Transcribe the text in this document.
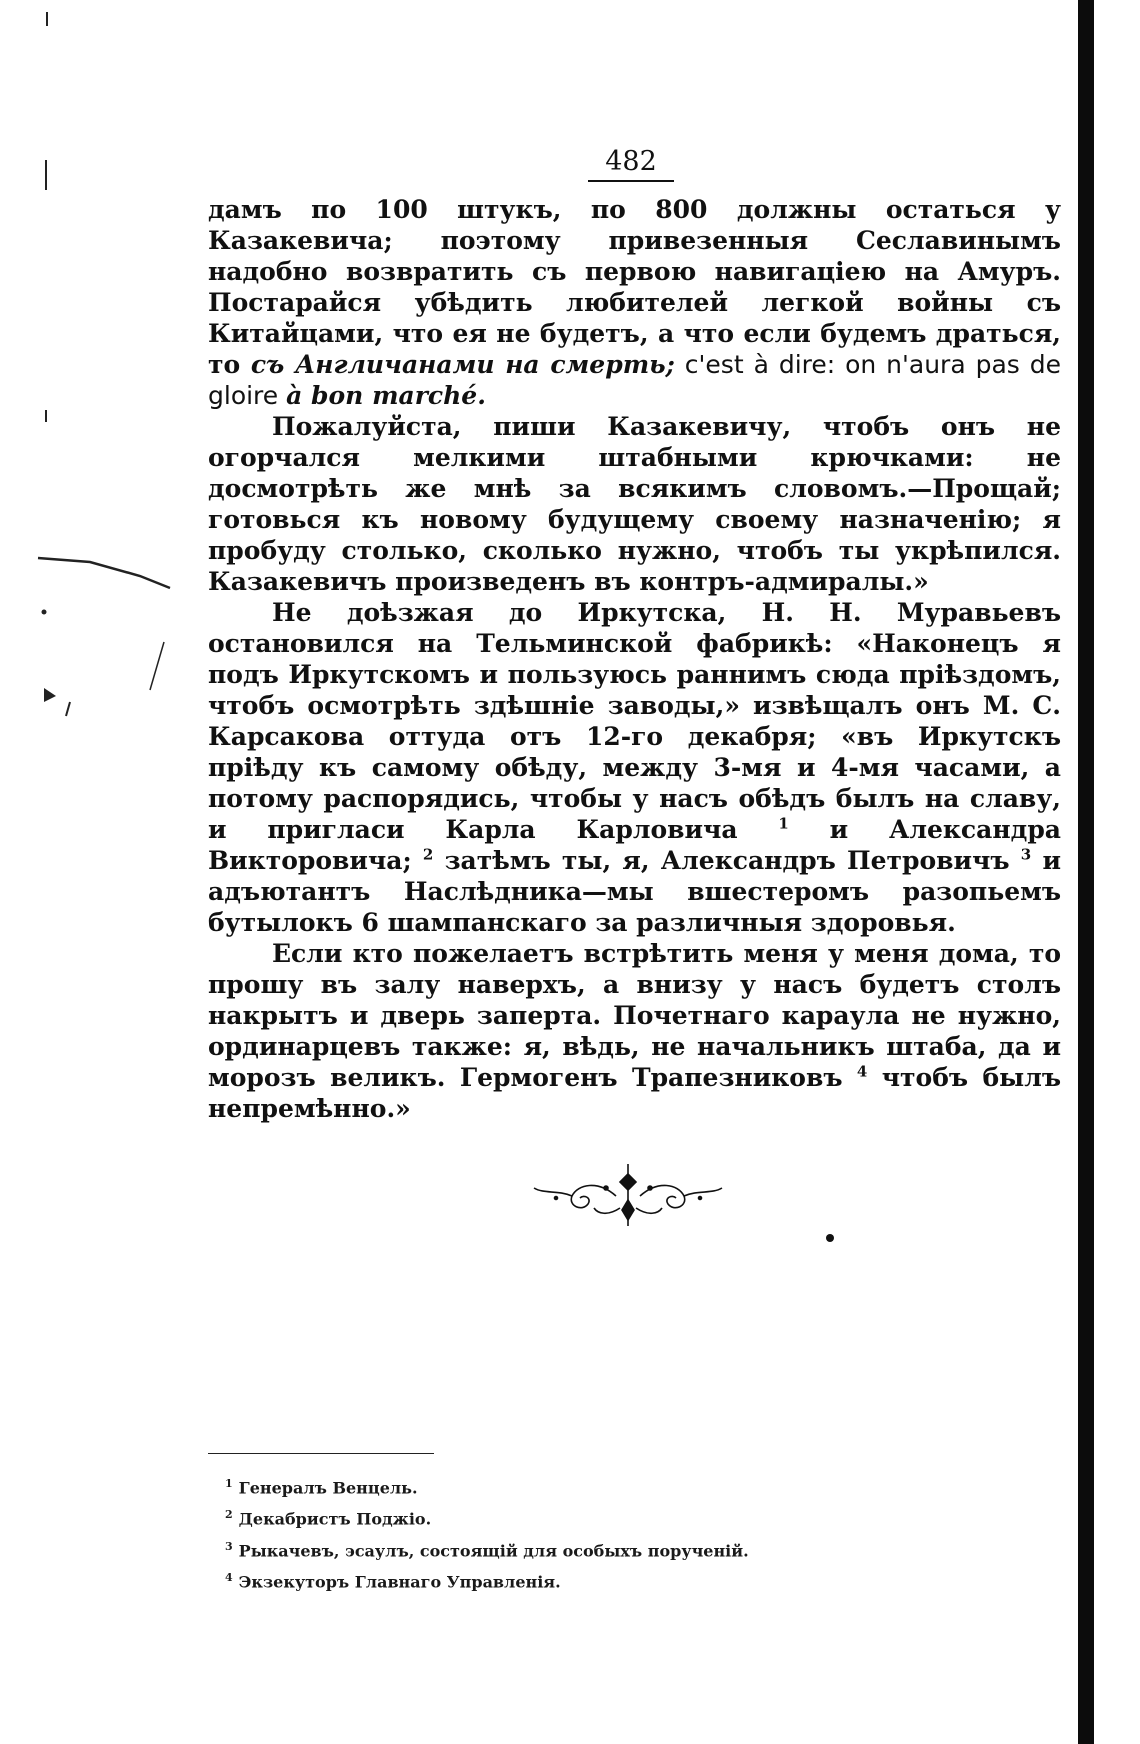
482

дамъ по 100 штукъ, по 800 должны остаться у Казакевича; поэтому привезенныя Сеславинымъ надобно возвратить съ первою навигацiею на Амуръ. Постарайся убѣдить любителей легкой войны съ Китайцами, что ея не будетъ, а что если будемъ драться, то съ Англичанами на смерть; c'est à dire: on n'aura pas de gloire à bon marché.

Пожалуйста, пиши Казакевичу, чтобъ онъ не огорчался мелкими штабными крючками: не досмотрѣть же мнѣ за всякимъ словомъ.—Прощай; готовься къ новому будущему своему назначенiю; я пробуду столько, сколько нужно, чтобъ ты укрѣпился. Казакевичъ произведенъ въ контръ-адмиралы.»

Не доѣзжая до Иркутска, Н. Н. Муравьевъ остановился на Тельминской фабрикѣ: «Наконецъ я подъ Иркутскомъ и пользуюсь раннимъ сюда прiѣздомъ, чтобъ осмотрѣть здѣшнiе заводы,» извѣщалъ онъ М. С. Карсакова оттуда отъ 12-го декабря; «въ Иркутскъ прiѣду къ самому обѣду, между 3-мя и 4-мя часами, а потому распорядись, чтобы у насъ обѣдъ былъ на славу, и пригласи Карла Карловича $^1$ и Александра Викторовича; $^2$ затѣмъ ты, я, Александръ Петровичъ $^3$ и адъютантъ Наслѣдника—мы вшестеромъ разопьемъ бутылокъ 6 шампанскаго за различныя здоровья.

Если кто пожелаетъ встрѣтить меня у меня дома, то прошу въ залу наверхъ, а внизу у насъ будетъ столъ накрытъ и дверь заперта. Почетнаго караула не нужно, ординарцевъ также: я, вѣдь, не начальникъ штаба, да и морозъ великъ. Гермогенъ Трапезниковъ $^4$ чтобъ былъ непремѣнно.»

$^1$ Генералъ Венцель.
$^2$ Декабристъ Поджiо.
$^3$ Рыкачевъ, эсаулъ, состоящiй для особыхъ порученiй.
$^4$ Экзекуторъ Главнаго Управленiя.
